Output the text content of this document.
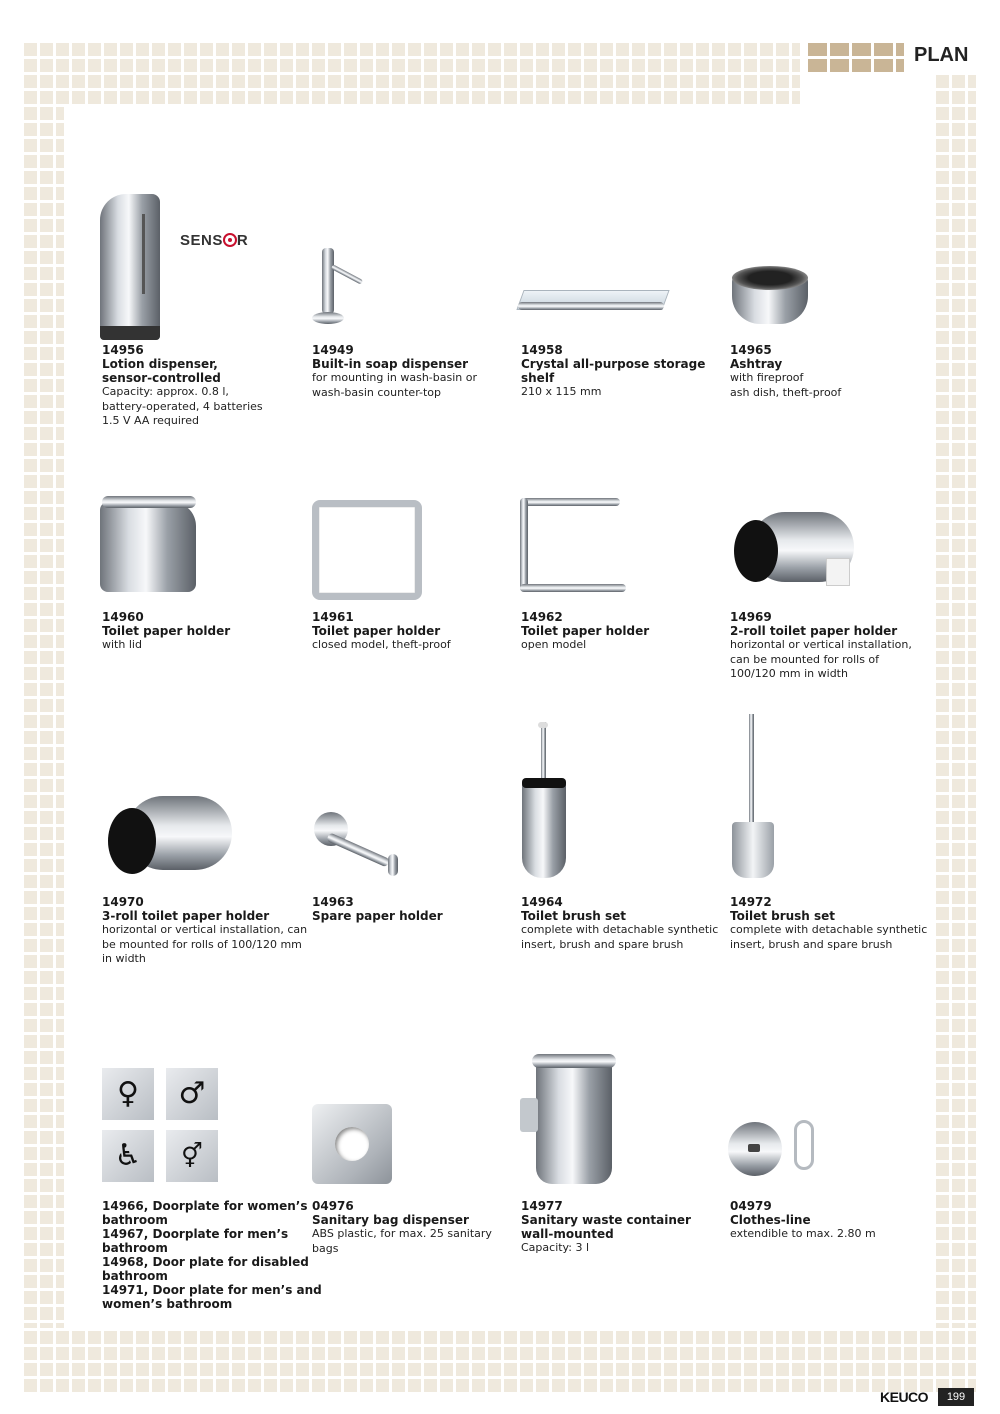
PLAN
SENS R
♀	♂
♿	⚥
14956
Lotion dispenser,
sensor-controlled
Capacity: approx. 0.8 l,
battery-operated, 4 batteries
1.5 V AA required
14949
Built-in soap dispenser
for mounting in wash-basin or
wash-basin counter-top
14958
Crystal all-purpose storage
shelf
210 x 115 mm
14965
Ashtray
with fireproof
ash dish, theft-proof
14960
Toilet paper holder
with lid
14961
Toilet paper holder
closed model, theft-proof
14962
Toilet paper holder
open model
14969
2-roll toilet paper holder
horizontal or vertical installation,
can be mounted for rolls of
100/120 mm in width
14970
3-roll toilet paper holder
horizontal or vertical installation, can
be mounted for rolls of 100/120 mm
in width
14963
Spare paper holder
14964
Toilet brush set
complete with detachable synthetic
insert, brush and spare brush
14972
Toilet brush set
complete with detachable synthetic
insert, brush and spare brush
14966, Doorplate for women’s
bathroom
14967, Doorplate for men’s
bathroom
14968, Door plate for disabled
bathroom
14971, Door plate for men’s and
women’s bathroom
04976
Sanitary bag dispenser
ABS plastic, for max. 25 sanitary
bags
14977
Sanitary waste container
wall-mounted
Capacity: 3 l
04979
Clothes-line
extendible to max. 2.80 m
KEUCO	199
